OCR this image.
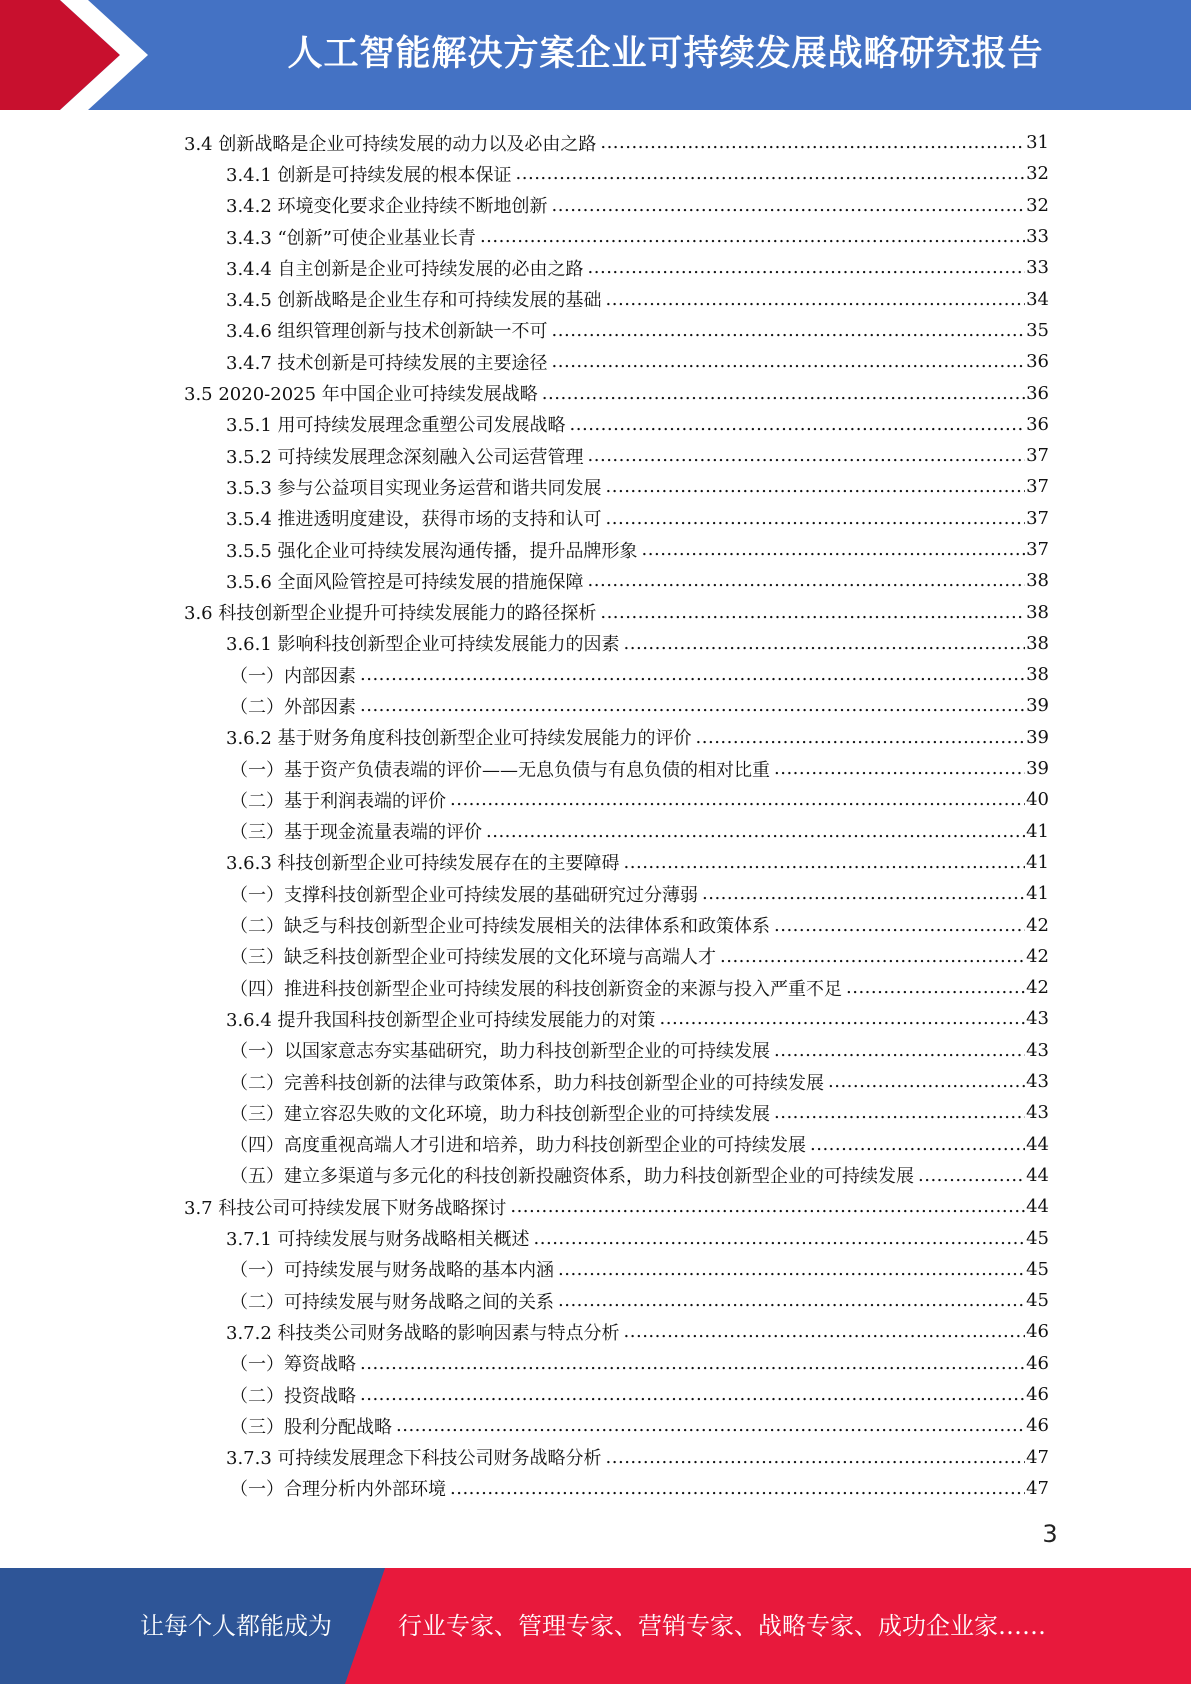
人工智能解决方案企业可持续发展战略研究报告
3.4 创新战略是企业可持续发展的动力以及必由之路 .....	31
3.4.1 创新是可持续发展的根本保证 .....	32
3.4.2 环境变化要求企业持续不断地创新 .....	32
3.4.3 “创新”可使企业基业长青 .....	33
3.4.4 自主创新是企业可持续发展的必由之路 .....	33
3.4.5 创新战略是企业生存和可持续发展的基础 .....	34
3.4.6 组织管理创新与技术创新缺一不可 .....	35
3.4.7 技术创新是可持续发展的主要途径 .....	36
3.5 2020-2025 年中国企业可持续发展战略 .....	36
3.5.1 用可持续发展理念重塑公司发展战略 .....	36
3.5.2 可持续发展理念深刻融入公司运营管理 .....	37
3.5.3 参与公益项目实现业务运营和谐共同发展 .....	37
3.5.4 推进透明度建设，获得市场的支持和认可 .....	37
3.5.5 强化企业可持续发展沟通传播，提升品牌形象 .....	37
3.5.6 全面风险管控是可持续发展的措施保障 .....	38
3.6 科技创新型企业提升可持续发展能力的路径探析 .....	38
3.6.1 影响科技创新型企业可持续发展能力的因素 .....	38
（一）内部因素 .....	38
（二）外部因素 .....	39
3.6.2 基于财务角度科技创新型企业可持续发展能力的评价 .....	39
（一）基于资产负债表端的评价——无息负债与有息负债的相对比重 .....	39
（二）基于利润表端的评价 .....	40
（三）基于现金流量表端的评价 .....	41
3.6.3 科技创新型企业可持续发展存在的主要障碍 .....	41
（一）支撑科技创新型企业可持续发展的基础研究过分薄弱 .....	41
（二）缺乏与科技创新型企业可持续发展相关的法律体系和政策体系 .....	42
（三）缺乏科技创新型企业可持续发展的文化环境与高端人才 .....	42
（四）推进科技创新型企业可持续发展的科技创新资金的来源与投入严重不足 .....	42
3.6.4 提升我国科技创新型企业可持续发展能力的对策 .....	43
（一）以国家意志夯实基础研究，助力科技创新型企业的可持续发展 .....	43
（二）完善科技创新的法律与政策体系，助力科技创新型企业的可持续发展 .....	43
（三）建立容忍失败的文化环境，助力科技创新型企业的可持续发展 .....	43
（四）高度重视高端人才引进和培养，助力科技创新型企业的可持续发展 .....	44
（五）建立多渠道与多元化的科技创新投融资体系，助力科技创新型企业的可持续发展 .....	44
3.7 科技公司可持续发展下财务战略探讨 .....	44
3.7.1 可持续发展与财务战略相关概述 .....	45
（一）可持续发展与财务战略的基本内涵 .....	45
（二）可持续发展与财务战略之间的关系 .....	45
3.7.2 科技类公司财务战略的影响因素与特点分析 .....	46
（一）筹资战略 .....	46
（二）投资战略 .....	46
（三）股利分配战略 .....	46
3.7.3 可持续发展理念下科技公司财务战略分析 .....	47
（一）合理分析内外部环境 .....	47
3
让每个人都能成为	行业专家、管理专家、营销专家、战略专家、成功企业家……
